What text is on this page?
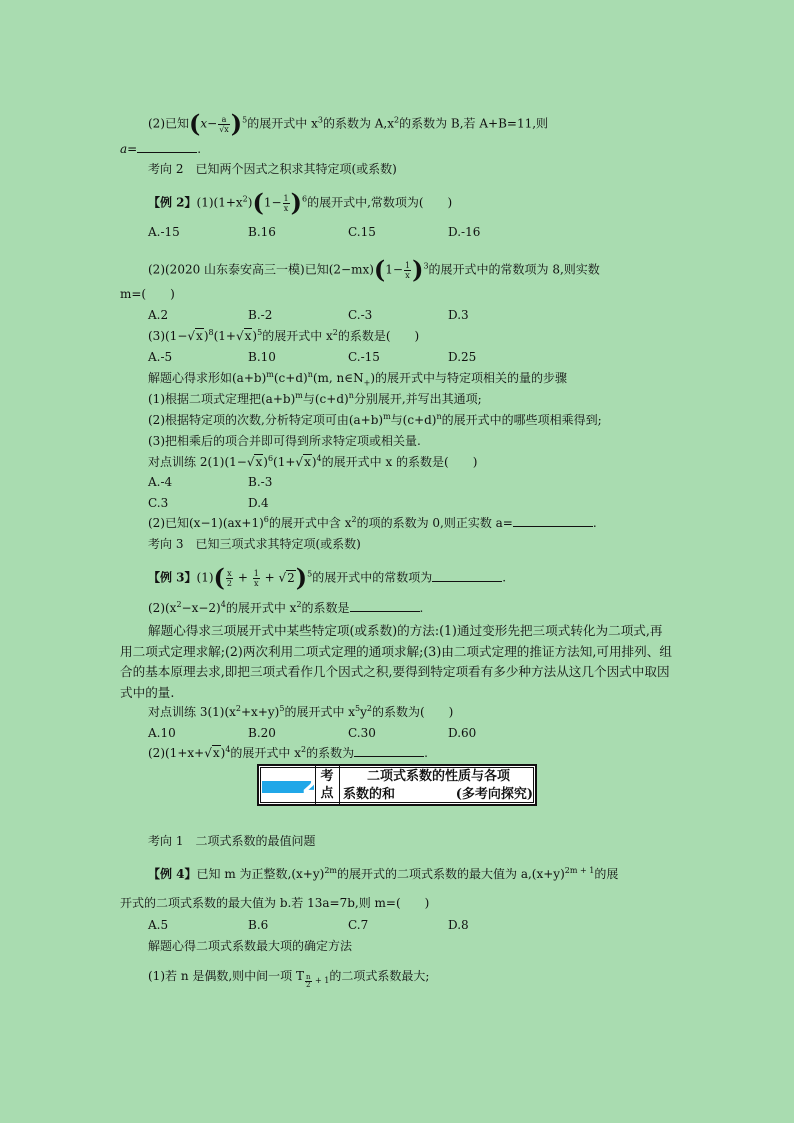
(2)已知$(x- \frac{a}{√x} )^5$的展开式中 $x^3$的系数为 $A,x^2$的系数为 B,若 A+B=11,则
a=	.
考向 2　已知两个因式之积求其特定项(或系数)
【例 2】$(1)(1+x^2)(1- \frac{1}{x} )^6$的展开式中,常数项为(　　)
A.-15	B.16	C.15	D.-16
(2)(2020 山东泰安高三一模)已知$(2-mx)(1- \frac{1}{x} )^3$的展开式中的常数项为 8,则实数
m=(　　)
A.2	B.-2	C.-3	D.3
$(3)(1-√x)^8(1+√x)^5$的展开式中 $x^2$的系数是(　　)
A.-5	B.10	C.-15	D.25
解题心得求形如$(a+b)^m(c+d)^n(m$, $n\in N_+$)的展开式中与特定项相关的量的步骤
(1)根据二项式定理把$(a+b)^m$与$(c+d)^n$分别展开,并写出其通项;
(2)根据特定项的次数,分析特定项可由$(a+b)^m$与$(c+d)^n$的展开式中的哪些项相乘得到;
(3)把相乘后的项合并即可得到所求特定项或相关量.
对点训练 $2(1)(1-√x)^6(1+√x)^4$的展开式中 x 的系数是(　　)
A.-4	B.-3
C.3	D.4
(2)已知$(x-1)(ax+1)^6$的展开式中含 $x^2$的项的系数为 0,则正实数 a=	.
考向 3　已知三项式求其特定项(或系数)
【例 3】$(1)( \frac{x}{2} + \frac{1}{x} + √2)^5$的展开式中的常数项为	.
$(2)(x^2-x-2)^4$的展开式中 $x^2$的系数是	.
解题心得求三项展开式中某些特定项(或系数)的方法:(1)通过变形先把三项式转化为二项式,再用二项式定理求解;(2)两次利用二项式定理的通项求解;(3)由二项式定理的推证方法知,可用排列、组合的基本原理去求,即把三项式看作几个因式之积,要得到特定项看有多少种方法从这几个因式中取因式中的量.
对点训练 $3(1)(x^2+x+y)^5$的展开式中 $x^5y^2$的系数为(　　)
A.10	B.20	C.30	D.60
$(2)(1+x+√x)^4$的展开式中 $x^2$的系数为	.
2 考点
二项式系数的性质与各项
系数的和	(多考向探究)
考向 1　二项式系数的最值问题
【例 4】已知 m 为正整数$,(x+y)^{2m}$的展开式的二项式系数的最大值为 $a,(x+y)^{2m + 1}$的展
开式的二项式系数的最大值为 b.若 13a=7b,则 m=(　　)
A.5	B.6	C.7	D.8
解题心得二项式系数最大项的确定方法
(1)若 n 是偶数,则中间一项 T $_{\frac{n}{2} + 1}$的二项式系数最大;
